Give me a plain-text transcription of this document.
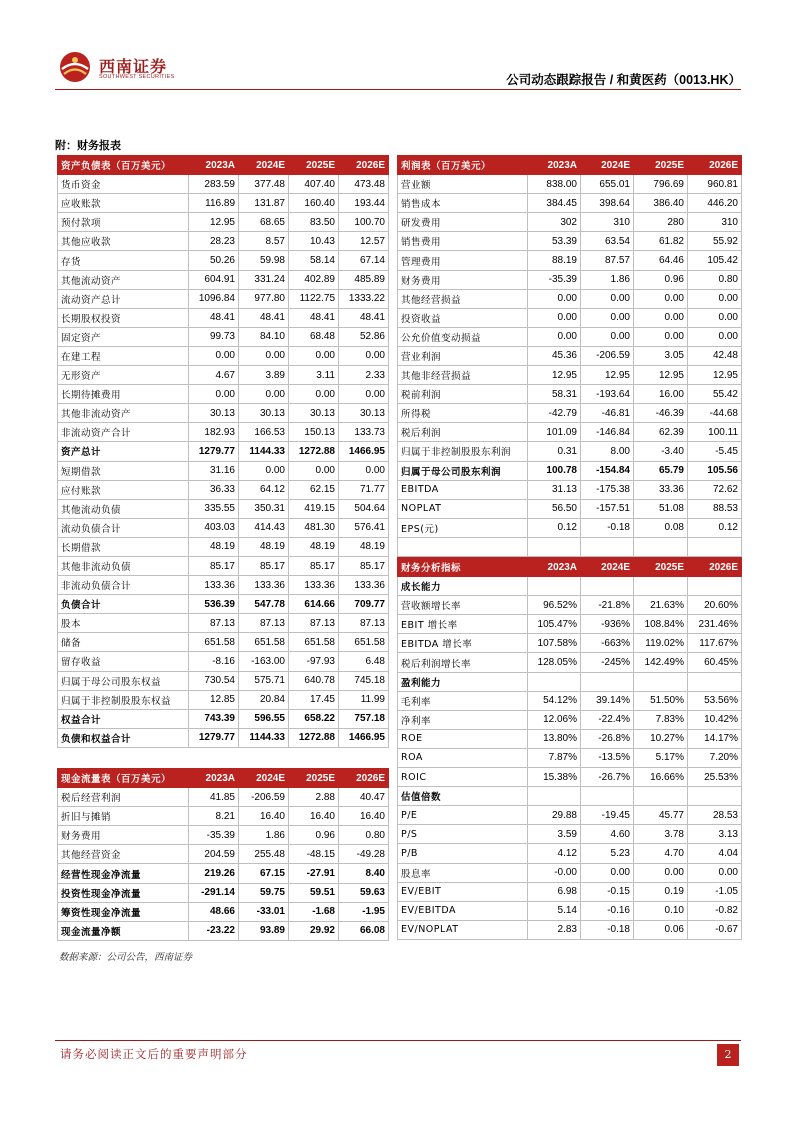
西南证券
SOUTHWEST SECURITIES	公司动态跟踪报告 / 和黄医药（0013.HK）
附：财务报表
资产负债表（百万美元）	2023A	2024E	2025E	2026E
货币资金	283.59	377.48	407.40	473.48
应收账款	116.89	131.87	160.40	193.44
预付款项	12.95	68.65	83.50	100.70
其他应收款	28.23	8.57	10.43	12.57
存货	50.26	59.98	58.14	67.14
其他流动资产	604.91	331.24	402.89	485.89
流动资产总计	1096.84	977.80	1122.75	1333.22
长期股权投资	48.41	48.41	48.41	48.41
固定资产	99.73	84.10	68.48	52.86
在建工程	0.00	0.00	0.00	0.00
无形资产	4.67	3.89	3.11	2.33
长期待摊费用	0.00	0.00	0.00	0.00
其他非流动资产	30.13	30.13	30.13	30.13
非流动资产合计	182.93	166.53	150.13	133.73
资产总计	1279.77	1144.33	1272.88	1466.95
短期借款	31.16	0.00	0.00	0.00
应付账款	36.33	64.12	62.15	71.77
其他流动负债	335.55	350.31	419.15	504.64
流动负债合计	403.03	414.43	481.30	576.41
长期借款	48.19	48.19	48.19	48.19
其他非流动负债	85.17	85.17	85.17	85.17
非流动负债合计	133.36	133.36	133.36	133.36
负债合计	536.39	547.78	614.66	709.77
股本	87.13	87.13	87.13	87.13
储备	651.58	651.58	651.58	651.58
留存收益	-8.16	-163.00	-97.93	6.48
归属于母公司股东权益	730.54	575.71	640.78	745.18
归属于非控制股股东权益	12.85	20.84	17.45	11.99
权益合计	743.39	596.55	658.22	757.18
负债和权益合计	1279.77	1144.33	1272.88	1466.95
利润表（百万美元）	2023A	2024E	2025E	2026E
营业额	838.00	655.01	796.69	960.81
销售成本	384.45	398.64	386.40	446.20
研发费用	302	310	280	310
销售费用	53.39	63.54	61.82	55.92
管理费用	88.19	87.57	64.46	105.42
财务费用	-35.39	1.86	0.96	0.80
其他经营损益	0.00	0.00	0.00	0.00
投资收益	0.00	0.00	0.00	0.00
公允价值变动损益	0.00	0.00	0.00	0.00
营业利润	45.36	-206.59	3.05	42.48
其他非经营损益	12.95	12.95	12.95	12.95
税前利润	58.31	-193.64	16.00	55.42
所得税	-42.79	-46.81	-46.39	-44.68
税后利润	101.09	-146.84	62.39	100.11
归属于非控制股股东利润	0.31	8.00	-3.40	-5.45
归属于母公司股东利润	100.78	-154.84	65.79	105.56
EBITDA	31.13	-175.38	33.36	72.62
NOPLAT	56.50	-157.51	51.08	88.53
EPS(元)	0.12	-0.18	0.08	0.12

财务分析指标	2023A	2024E	2025E	2026E
成长能力				
营收额增长率	96.52%	-21.8%	21.63%	20.60%
EBIT 增长率	105.47%	-936%	108.84%	231.46%
EBITDA 增长率	107.58%	-663%	119.02%	117.67%
税后利润增长率	128.05%	-245%	142.49%	60.45%
盈利能力				
毛利率	54.12%	39.14%	51.50%	53.56%
净利率	12.06%	-22.4%	7.83%	10.42%
ROE	13.80%	-26.8%	10.27%	14.17%
ROA	7.87%	-13.5%	5.17%	7.20%
ROIC	15.38%	-26.7%	16.66%	25.53%
估值倍数				
P/E	29.88	-19.45	45.77	28.53
P/S	3.59	4.60	3.78	3.13
P/B	4.12	5.23	4.70	4.04
股息率	-0.00	0.00	0.00	0.00
EV/EBIT	6.98	-0.15	0.19	-1.05
EV/EBITDA	5.14	-0.16	0.10	-0.82
EV/NOPLAT	2.83	-0.18	0.06	-0.67
现金流量表（百万美元）	2023A	2024E	2025E	2026E
税后经营利润	41.85	-206.59	2.88	40.47
折旧与摊销	8.21	16.40	16.40	16.40
财务费用	-35.39	1.86	0.96	0.80
其他经营资金	204.59	255.48	-48.15	-49.28
经营性现金净流量	219.26	67.15	-27.91	8.40
投资性现金净流量	-291.14	59.75	59.51	59.63
筹资性现金净流量	48.66	-33.01	-1.68	-1.95
现金流量净额	-23.22	93.89	29.92	66.08
数据来源：公司公告，西南证券
请务必阅读正文后的重要声明部分	2
